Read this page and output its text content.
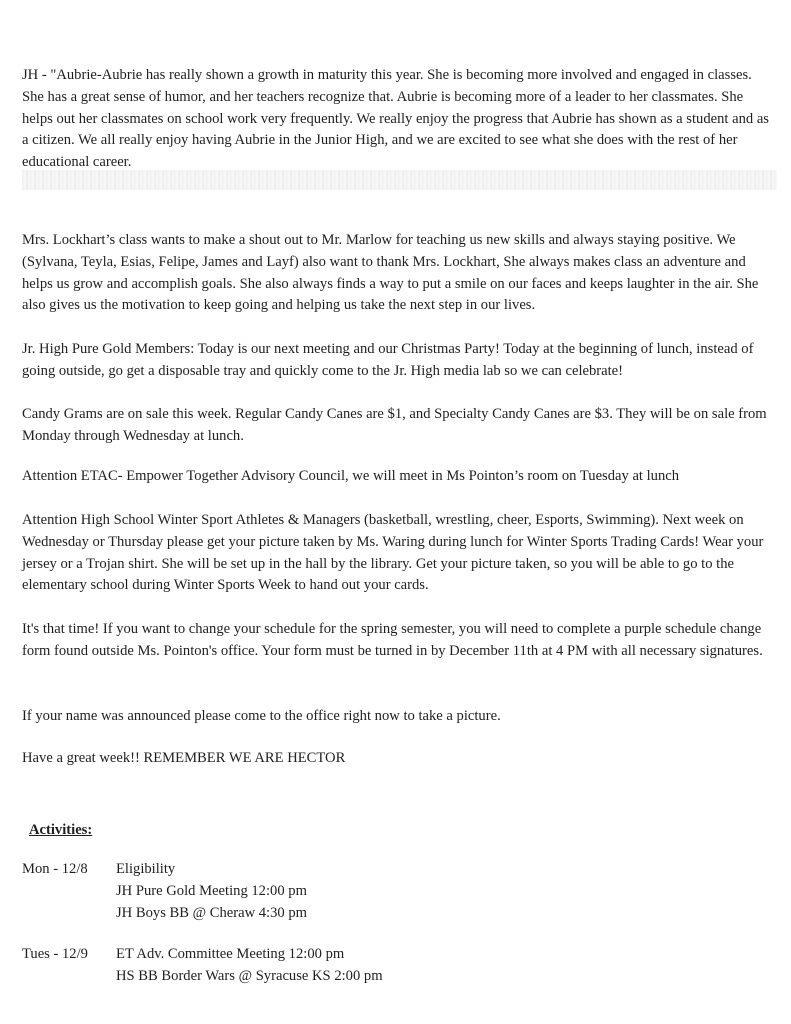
JH - "Aubrie-Aubrie has really shown a growth in maturity this year. She is becoming more involved and engaged in classes. She has a great sense of humor, and her teachers recognize that. Aubrie is becoming more of a leader to her classmates. She helps out her classmates on school work very frequently. We really enjoy the progress that Aubrie has shown as a student and as a citizen. We all really enjoy having Aubrie in the Junior High, and we are excited to see what she does with the rest of her educational career.

Mrs. Lockhart’s class wants to make a shout out to Mr. Marlow for teaching us new skills and always staying positive. We (Sylvana, Teyla, Esias, Felipe, James and Layf) also want to thank Mrs. Lockhart, She always makes class an adventure and helps us grow and accomplish goals. She also always finds a way to put a smile on our faces and keeps laughter in the air. She also gives us the motivation to keep going and helping us take the next step in our lives.

Jr. High Pure Gold Members: Today is our next meeting and our Christmas Party! Today at the beginning of lunch, instead of going outside, go get a disposable tray and quickly come to the Jr. High media lab so we can celebrate!

Candy Grams are on sale this week. Regular Candy Canes are $1, and Specialty Candy Canes are $3. They will be on sale from Monday through Wednesday at lunch.

Attention ETAC- Empower Together Advisory Council, we will meet in Ms Pointon’s room on Tuesday at lunch

Attention High School Winter Sport Athletes & Managers (basketball, wrestling, cheer, Esports, Swimming). Next week on Wednesday or Thursday please get your picture taken by Ms. Waring during lunch for Winter Sports Trading Cards! Wear your jersey or a Trojan shirt. She will be set up in the hall by the library. Get your picture taken, so you will be able to go to the elementary school during Winter Sports Week to hand out your cards.

It's that time! If you want to change your schedule for the spring semester, you will need to complete a purple schedule change form found outside Ms. Pointon's office. Your form must be turned in by December 11th at 4 PM with all necessary signatures.

If your name was announced please come to the office right now to take a picture.

Have a great week!! REMEMBER WE ARE HECTOR

Activities:

Mon - 12/8 Eligibility
JH Pure Gold Meeting 12:00 pm
JH Boys BB @ Cheraw 4:30 pm

Tues - 12/9 ET Adv. Committee Meeting 12:00 pm
HS BB Border Wars @ Syracuse KS 2:00 pm
